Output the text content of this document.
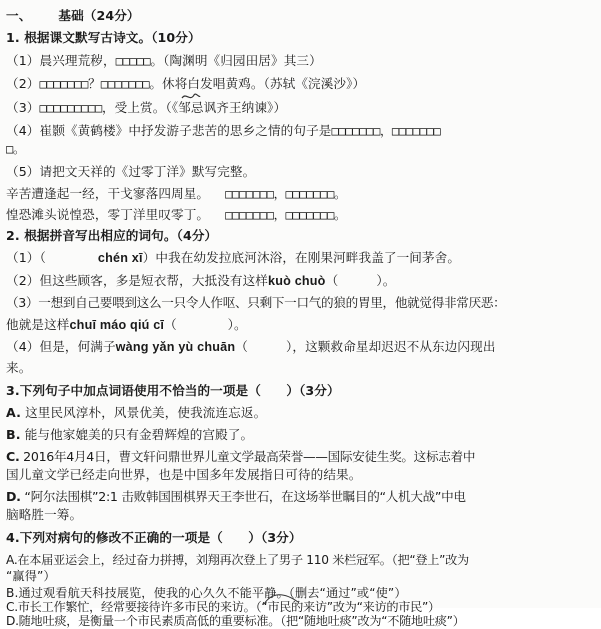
一、 基础（24分）
1. 根据课文默写古诗文。（10分）
（1）晨兴理荒秽，□□□□□。（陶渊明《归园田居》其三）
（2）□□□□□□□？□□□□□□□。休将白发唱黄鸡。（苏轼《浣溪沙》）
（3）□□□□□□□□□，受上赏。（《邹忌讽齐王纳谏》）
（4）崔颢《黄鹤楼》中抒发游子悲苦的思乡之情的句子是□□□□□□□，□□□□□□□
□。
（5）请把文天祥的《过零丁洋》默写完整。
辛苦遭逢起一经，干戈寥落四周星。 □□□□□□□，□□□□□□□。
惶恐滩头说惶恐，零丁洋里叹零丁。 □□□□□□□，□□□□□□□。
2. 根据拼音写出相应的词句。（4分）
（1）（	chén xī）中我在幼发拉底河沐浴，在刚果河畔我盖了一间茅舍。
（2）但这些顾客，多是短衣帮，大抵没有这样kuò chuò（　　　）。
（3）一想到自己要喂到这么一只令人作呕、只剩下一口气的狼的胃里，他就觉得非常厌恶：
他就是这样chuī máo qiú cī（　　　　）。
（4）但是，何满子wàng yǎn yù chuān（　　　），这颗救命星却迟迟不从东边闪现出
来。
3.下列句子中加点词语使用不恰当的一项是（　　）（3分）
A. 这里民风淳朴，风景优美，使我流连忘返。
B. 能与他家媲美的只有金碧辉煌的宫殿了。
C. 2016年4月4日，曹文轩问鼎世界儿童文学最高荣誉——国际安徒生奖。这标志着中
国儿童文学已经走向世界，也是中国多年发展指日可待的结果。
D. “阿尔法围棋”2:1 击败韩国围棋界天王李世石，在这场举世瞩目的“人机大战”中电
脑略胜一筹。
4.下列对病句的修改不正确的一项是（　　）（3分）
A.在本届亚运会上，经过奋力拼搏，刘翔再次登上了男子 110 米栏冠军。（把“登上”改为
“赢得”）
B.通过观看航天科技展览，使我的心久久不能平静。（删去“通过”或“使”）
C.市长工作繁忙，经常要接待许多市民的来访。（“市民的来访”改为“来访的市民”）
D.随地吐痰，是衡量一个市民素质高低的重要标准。（把“随地吐痰”改为“不随地吐痰”）
